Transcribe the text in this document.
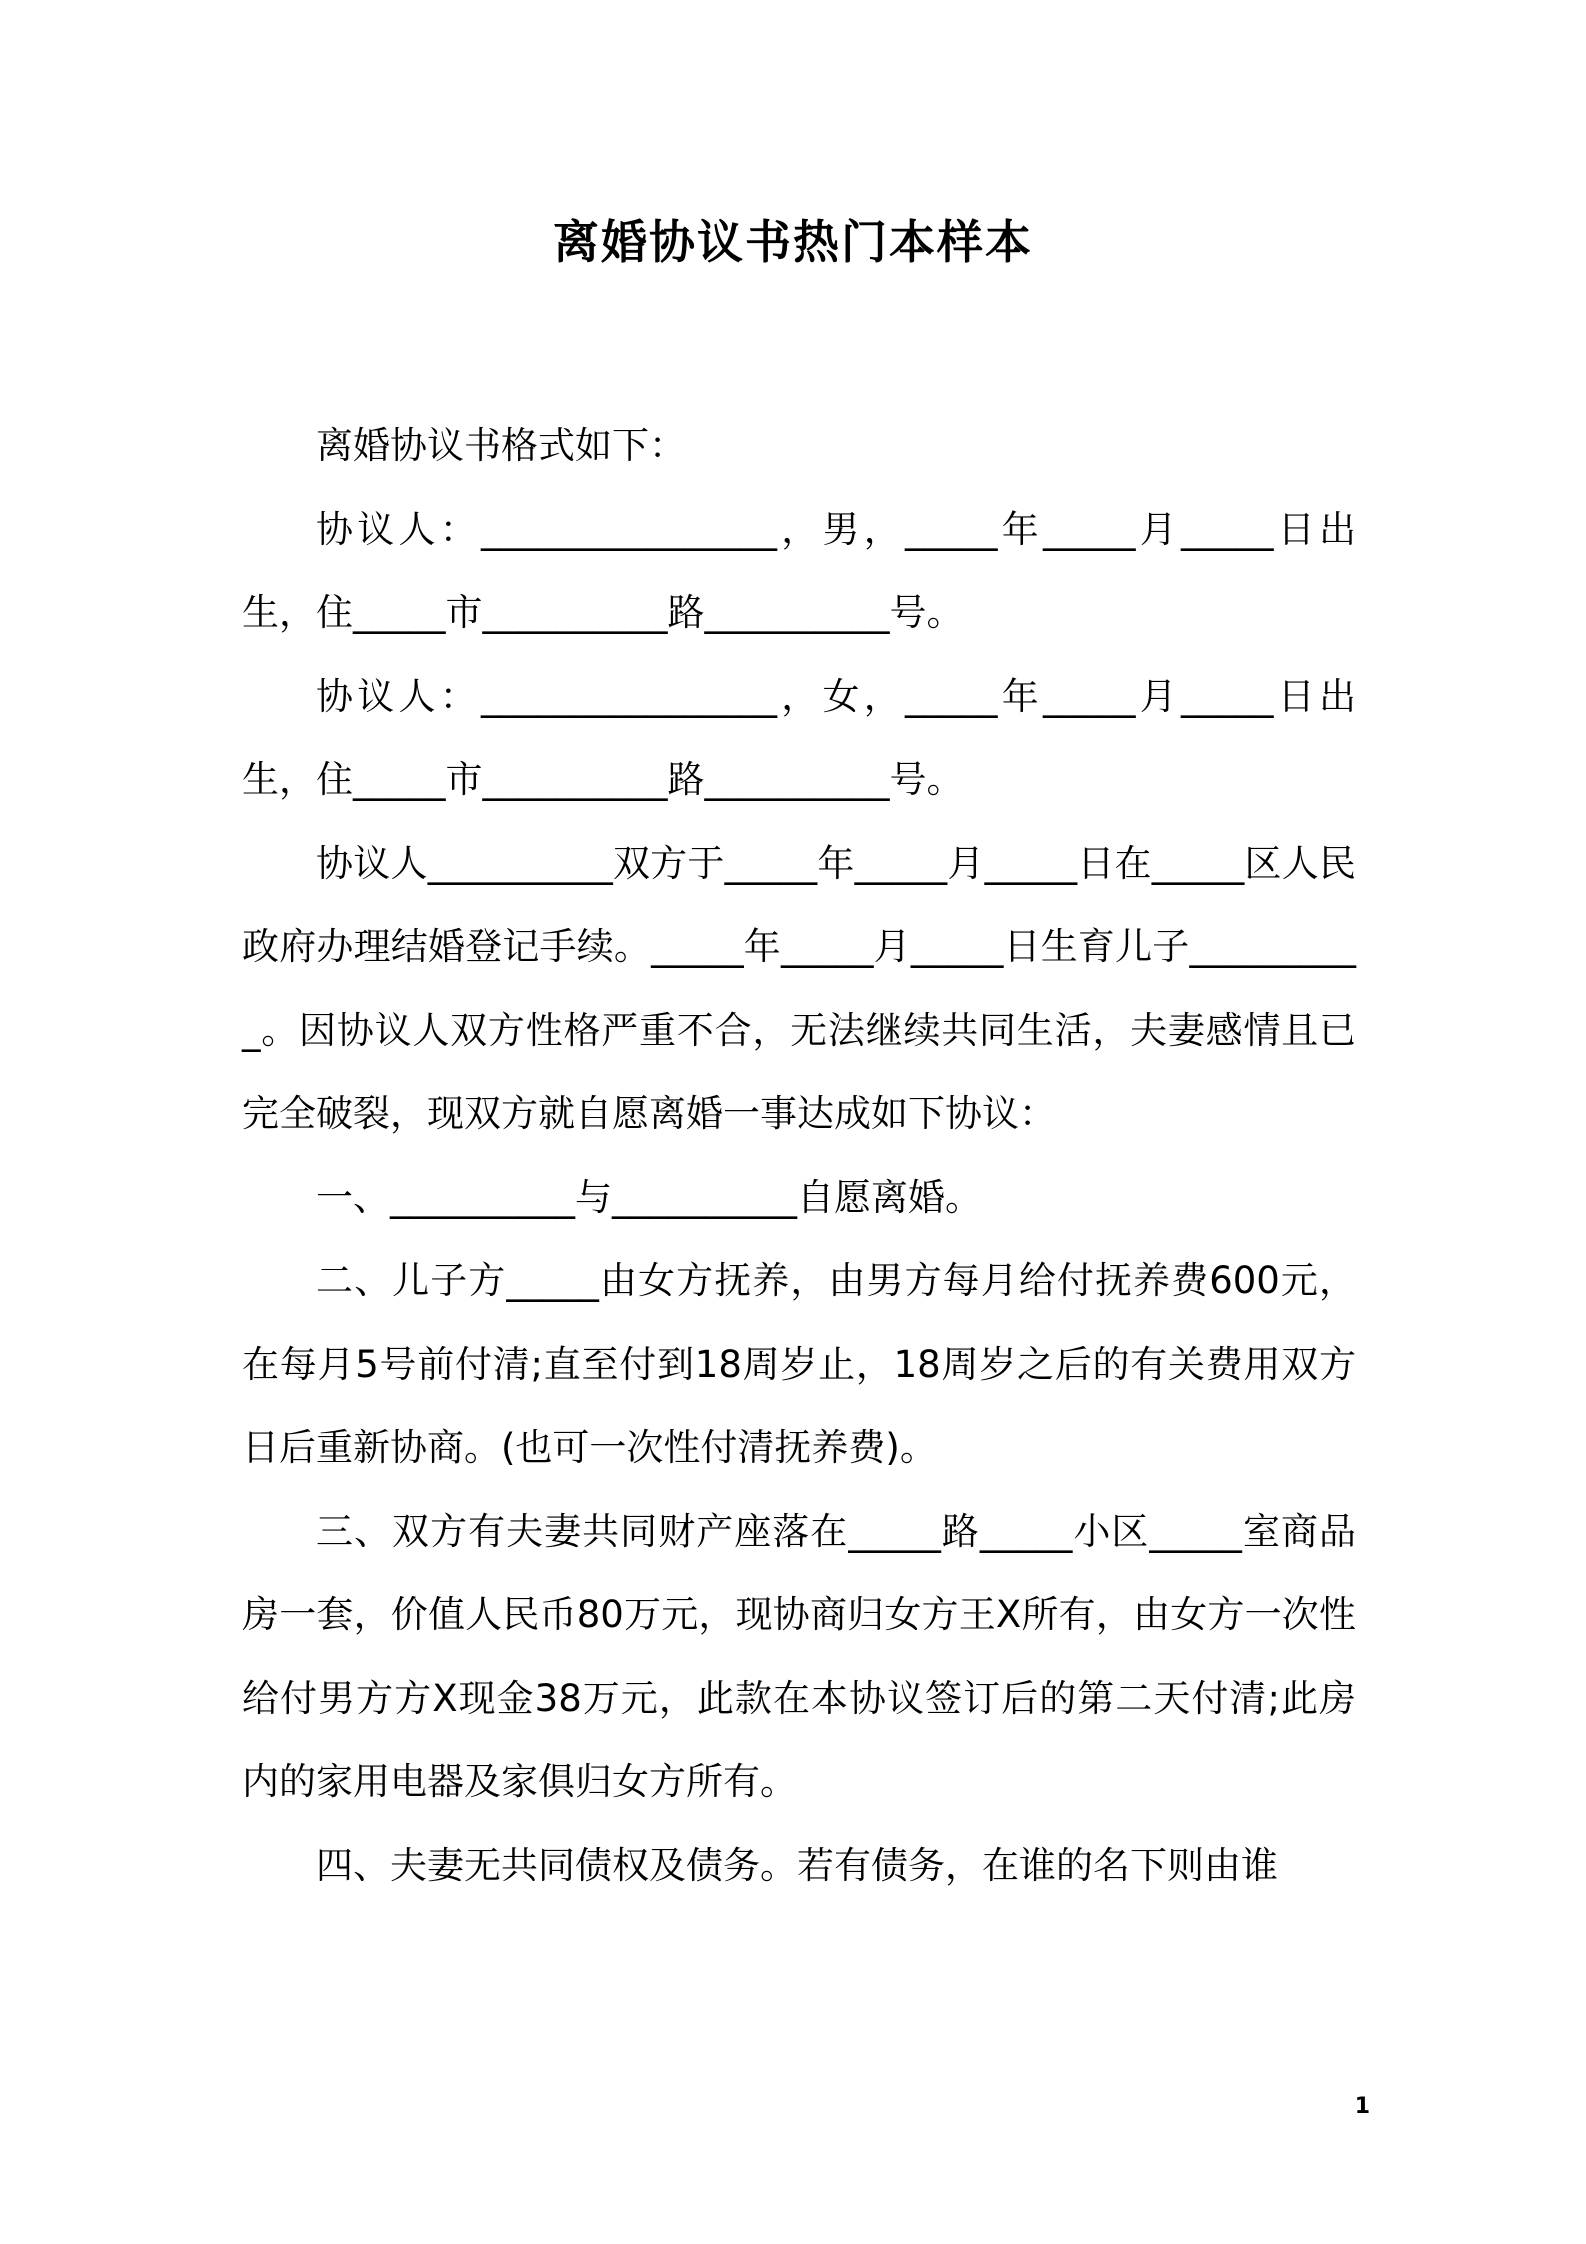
离婚协议书热门本样本

离婚协议书格式如下：

协议人：________________，男，_____年_____月_____日出生，住_____市__________路__________号。

协议人：________________，女，_____年_____月_____日出生，住_____市__________路__________号。

协议人__________双方于_____年_____月_____日在_____区人民政府办理结婚登记手续。_____年_____月_____日生育儿子__________。因协议人双方性格严重不合，无法继续共同生活，夫妻感情且已完全破裂，现双方就自愿离婚一事达成如下协议：

一、__________与__________自愿离婚。

二、儿子方_____由女方抚养，由男方每月给付抚养费600元，在每月5号前付清;直至付到18周岁止，18周岁之后的有关费用双方日后重新协商。(也可一次性付清抚养费)。

三、双方有夫妻共同财产座落在_____路_____小区_____室商品房一套，价值人民币80万元，现协商归女方王X所有，由女方一次性给付男方方X现金38万元，此款在本协议签订后的第二天付清;此房内的家用电器及家俱归女方所有。

四、夫妻无共同债权及债务。若有债务，在谁的名下则由谁

1
